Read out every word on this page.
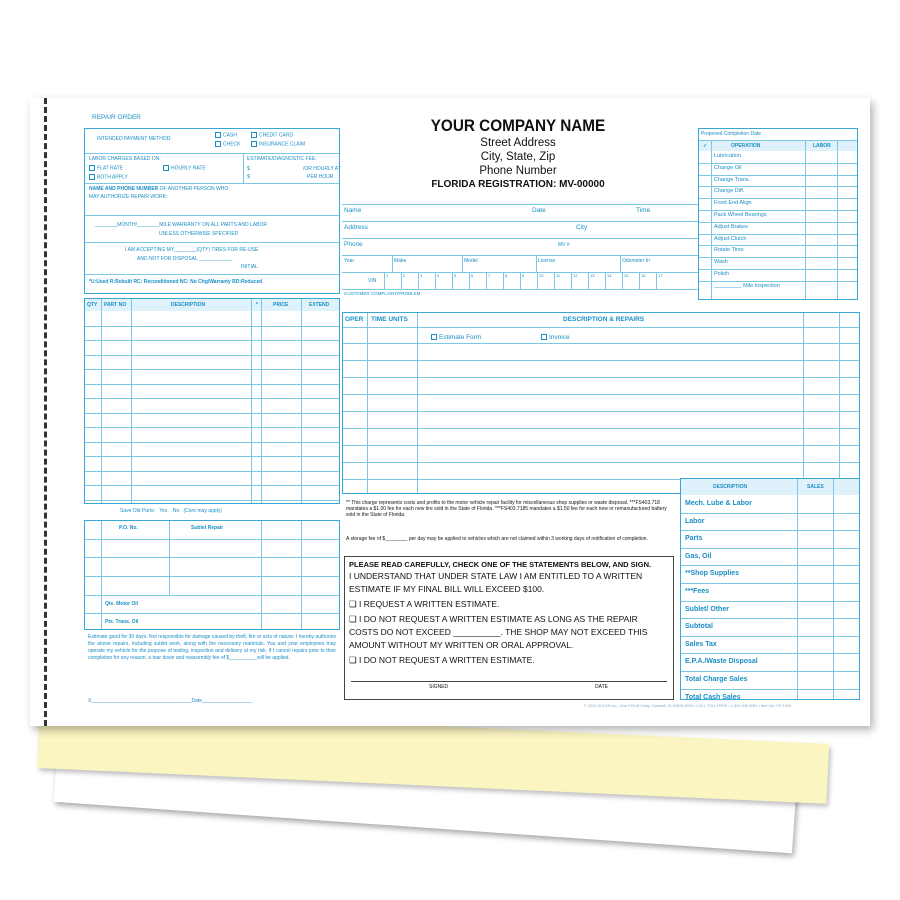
REPAIR ORDER
INTENDED PAYMENT METHOD:
CASH	CREDIT CARD
CHECK	INSURANCE CLAIM
LABOR CHARGES BASED ON:
FLAT RATE	HOURLY RATE
BOTH APPLY
ESTIMATE/DIAGNOSTIC FEE:
$	/OR HOURLY AT
$	PER HOUR
NAME AND PHONE NUMBER OF ANOTHER PERSON WHO
MAY AUTHORIZE REPAIR WORK:
________MONTH/________MILE WARRANTY ON ALL PARTS AND LABOR
UNLESS OTHERWISE SPECIFIED
I AM ACCEPTING MY________(QTY) TIRES FOR RE-USE
AND NOT FOR DISPOSAL ____________
INITIAL
*U:Used R:Rebuilt RC: Reconditioned NC: No Chg/Warranty RD:Reduced
QTY PART NO	DESCRIPTION	*	PRICE	EXTEND
Save Old Parts: Yes No (Core may apply)
P.O. No.	Sublet Repair
Qts. Motor Oil
Pts. Trans. Oil
Estimate good for 30 days. Not responsible for damage caused by theft, fire or acts of nature. I hereby authorize the above repairs, including sublet work, along with the necessary materials. You and your employees may operate my vehicle for the purpose of testing, inspection and delivery at my risk. If I cancel repairs prior to their completion for any reason, a tear down and reassembly fee of $__________will be applied.
X____________________________________Date__________________
YOUR COMPANY NAME
Street Address
City, State, Zip
Phone Number
FLORIDA REGISTRATION: MV-00000
Name	Date	Time
Address	City
Phone	MV #
Year	Make	Model	License	Odometer In
VIN
1	2	3	4	5	6	7	8	9	10	11	12	13	14	15	16	17
CUSTOMER COMPLAINT/PROBLEM
OPER TIME UNITS	DESCRIPTION & REPAIRS
Estimate Form	Invoice
** This charge represents costs and profits to the motor vehicle repair facility for miscellaneous shop supplies or waste disposal. ***FS403.718 mandates a $1.00 fee for each new tire sold in the State of Florida. ***FS403.7185 mandates a $1.50 fee for each new or remanufactured battery sold in the State of Florida.
A storage fee of $________ per day may be applied to vehicles which are not claimed within 3 working days of notification of completion.
PLEASE READ CAREFULLY, CHECK ONE OF THE STATEMENTS BELOW, AND SIGN.
I UNDERSTAND THAT UNDER STATE LAW I AM ENTITLED TO A WRITTEN
ESTIMATE IF MY FINAL BILL WILL EXCEED $100.
❑ I REQUEST A WRITTEN ESTIMATE.
❑ I DO NOT REQUEST A WRITTEN ESTIMATE AS LONG AS THE REPAIR
COSTS DO NOT EXCEED __________. THE SHOP MAY NOT EXCEED THIS
AMOUNT WITHOUT MY WRITTEN OR ORAL APPROVAL.
❑ I DO NOT REQUEST A WRITTEN ESTIMATE.
SIGNED	DATE
Proposed Completion Date
✓	OPERATION	LABOR
Lubrication
Change Oil
Change Trans.
Change Diff.
Front End Align
Pack Wheel Bearings
Adjust Brakes
Adjust Clutch
Rotate Tires
Wash
Polish
_________ Mile Inspection
DESCRIPTION	SALES
Mech. Lube & Labor
Labor
Parts
Gas, Oil
**Shop Supplies
***Fees
Sublet/ Other
Subtotal
Sales Tax
E.P.A./Waste Disposal
Total Charge Sales
Total Cash Sales
© 2022 DOLAN Inc., One DOLAN Way, Coldwell, ID 83605-8002 • CALL TOLL FREE • 1-800-835-8061 • Item No. FR 1063
